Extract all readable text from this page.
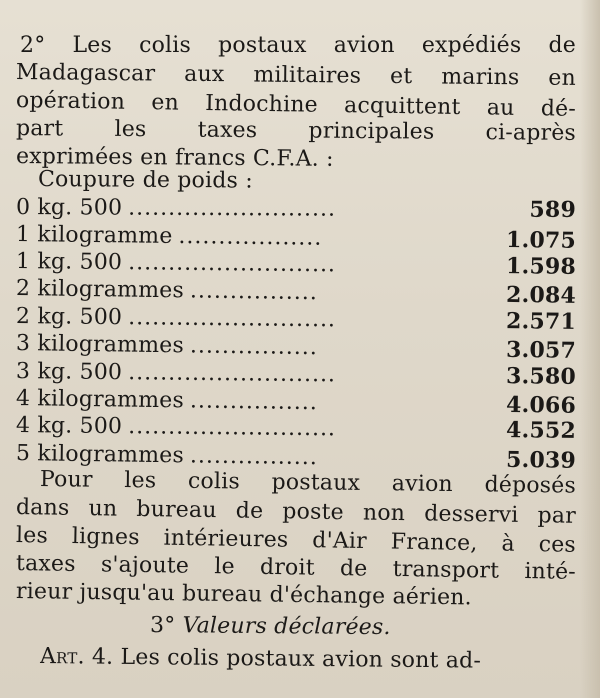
2° Les colis postaux avion expédiés de
Madagascar aux militaires et marins en
opération en Indochine acquittent au dé-
part les taxes principales ci-après
exprimées en francs C.F.A. :
Coupure de poids :
0 kg. 500 ..........................	589
1 kilogramme ..................	1.075
1 kg. 500 ..........................	1.598
2 kilogrammes ................	2.084
2 kg. 500 ..........................	2.571
3 kilogrammes ................	3.057
3 kg. 500 ..........................	3.580
4 kilogrammes ................	4.066
4 kg. 500 ..........................	4.552
5 kilogrammes ................	5.039
Pour les colis postaux avion déposés
dans un bureau de poste non desservi par
les lignes intérieures d'Air France, à ces
taxes s'ajoute le droit de transport inté-
rieur jusqu'au bureau d'échange aérien.
3° Valeurs déclarées.
Art. 4. Les colis postaux avion sont ad-
